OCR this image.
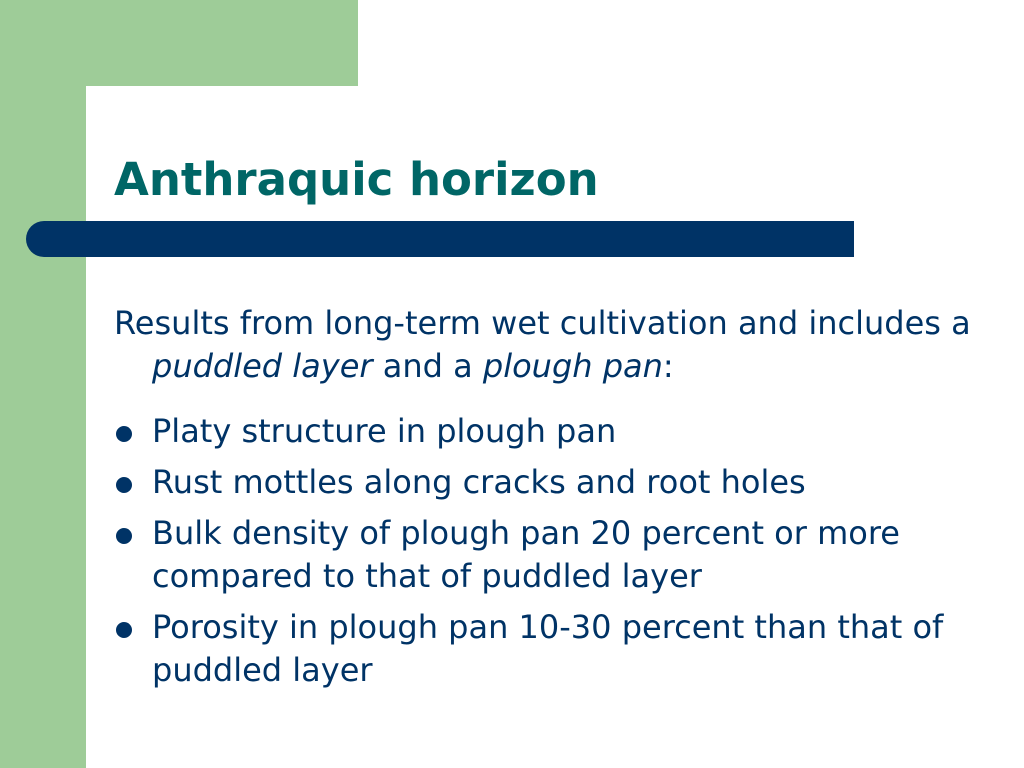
Anthraquic horizon

Results from long-term wet cultivation and includes a puddled layer and a plough pan:

Platy structure in plough pan
Rust mottles along cracks and root holes
Bulk density of plough pan 20 percent or more compared to that of puddled layer
Porosity in plough pan 10-30 percent than that of puddled layer
